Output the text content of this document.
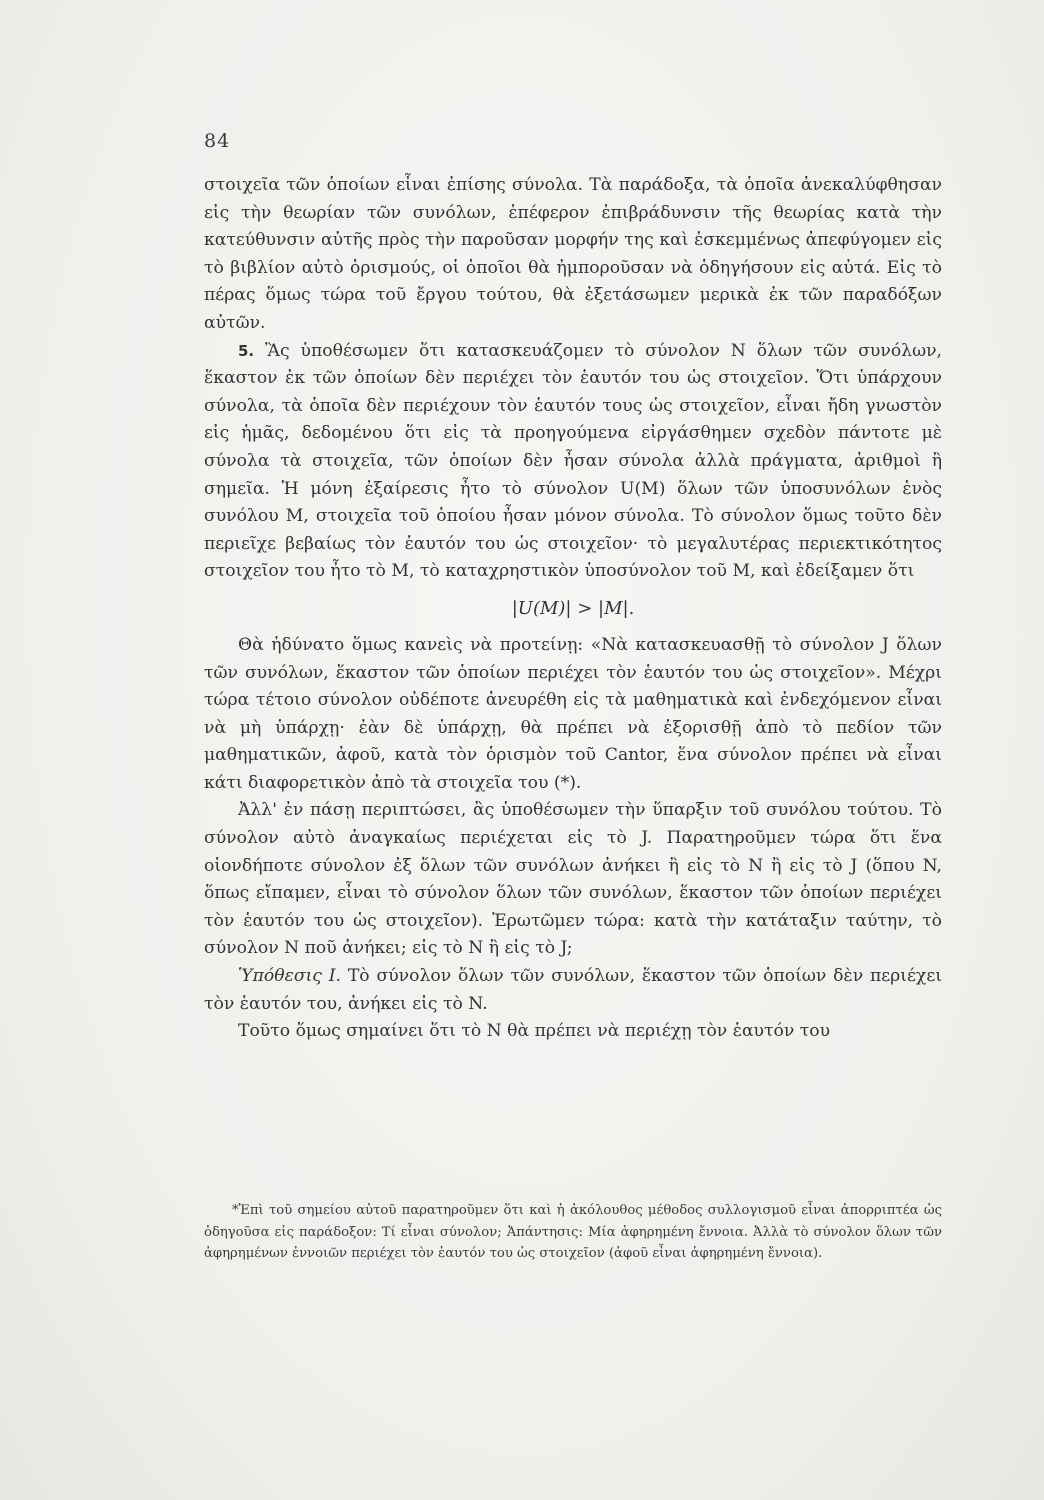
84

στοιχεῖα τῶν ὁποίων εἶναι ἐπίσης σύνολα. Τὰ παράδοξα, τὰ ὁποῖα ἀνεκαλύφθησαν εἰς τὴν θεωρίαν τῶν συνόλων, ἐπέφερον ἐπιβράδυνσιν τῆς θεωρίας κατὰ τὴν κατεύθυνσιν αὐτῆς πρὸς τὴν παροῦσαν μορφήν της καὶ ἐσκεμμένως ἀπεφύγομεν εἰς τὸ βιβλίον αὐτὸ ὁρισμούς, οἱ ὁποῖοι θὰ ἠμποροῦσαν νὰ ὁδηγήσουν εἰς αὐτά. Εἰς τὸ πέρας ὅμως τώρα τοῦ ἔργου τούτου, θὰ ἐξετάσωμεν μερικὰ ἐκ τῶν παραδόξων αὐτῶν.

5. Ἂς ὑποθέσωμεν ὅτι κατασκευάζομεν τὸ σύνολον N ὅλων τῶν συνόλων, ἕκαστον ἐκ τῶν ὁποίων δὲν περιέχει τὸν ἑαυτόν του ὡς στοιχεῖον. Ὅτι ὑπάρχουν σύνολα, τὰ ὁποῖα δὲν περιέχουν τὸν ἑαυτόν τους ὡς στοιχεῖον, εἶναι ἤδη γνωστὸν εἰς ἡμᾶς, δεδομένου ὅτι εἰς τὰ προηγούμενα εἰργάσθημεν σχεδὸν πάντοτε μὲ σύνολα τὰ στοιχεῖα, τῶν ὁποίων δὲν ἦσαν σύνολα ἀλλὰ πράγματα, ἀριθμοὶ ἢ σημεῖα. Ἡ μόνη ἐξαίρεσις ἦτο τὸ σύνολον U(M) ὅλων τῶν ὑποσυνόλων ἑνὸς συνόλου M, στοιχεῖα τοῦ ὁποίου ἦσαν μόνον σύνολα. Τὸ σύνολον ὅμως τοῦτο δὲν περιεῖχε βεβαίως τὸν ἑαυτόν του ὡς στοιχεῖον· τὸ μεγαλυτέρας περιεκτικότητος στοιχεῖον του ἦτο τὸ M, τὸ καταχρηστικὸν ὑποσύνολον τοῦ M, καὶ ἐδείξαμεν ὅτι

|U(M)| > |M|.

Θὰ ἠδύνατο ὅμως κανεὶς νὰ προτείνῃ: «Νὰ κατασκευασθῇ τὸ σύνολον J ὅλων τῶν συνόλων, ἕκαστον τῶν ὁποίων περιέχει τὸν ἑαυτόν του ὡς στοιχεῖον». Μέχρι τώρα τέτοιο σύνολον οὐδέποτε ἀνευρέθη εἰς τὰ μαθηματικὰ καὶ ἐνδεχόμενον εἶναι νὰ μὴ ὑπάρχῃ· ἐὰν δὲ ὑπάρχῃ, θὰ πρέπει νὰ ἐξορισθῇ ἀπὸ τὸ πεδίον τῶν μαθηματικῶν, ἀφοῦ, κατὰ τὸν ὁρισμὸν τοῦ Cantor, ἕνα σύνολον πρέπει νὰ εἶναι κάτι διαφορετικὸν ἀπὸ τὰ στοιχεῖα του (*).

Ἀλλ' ἐν πάσῃ περιπτώσει, ἂς ὑποθέσωμεν τὴν ὕπαρξιν τοῦ συνόλου τούτου. Τὸ σύνολον αὐτὸ ἀναγκαίως περιέχεται εἰς τὸ J. Παρατηροῦμεν τώρα ὅτι ἕνα οἱονδήποτε σύνολον ἐξ ὅλων τῶν συνόλων ἀνήκει ἢ εἰς τὸ N ἢ εἰς τὸ J (ὅπου N, ὅπως εἴπαμεν, εἶναι τὸ σύνολον ὅλων τῶν συνόλων, ἕκαστον τῶν ὁποίων περιέχει τὸν ἑαυτόν του ὡς στοιχεῖον). Ἐρωτῶμεν τώρα: κατὰ τὴν κατάταξιν ταύτην, τὸ σύνολον N ποῦ ἀνήκει; εἰς τὸ N ἢ εἰς τὸ J;

Ὑπόθεσις I. Τὸ σύνολον ὅλων τῶν συνόλων, ἕκαστον τῶν ὁποίων δὲν περιέχει τὸν ἑαυτόν του, ἀνήκει εἰς τὸ N.

Τοῦτο ὅμως σημαίνει ὅτι τὸ N θὰ πρέπει νὰ περιέχῃ τὸν ἑαυτόν του

*Ἐπὶ τοῦ σημείου αὐτοῦ παρατηροῦμεν ὅτι καὶ ἡ ἀκόλουθος μέθοδος συλλογισμοῦ εἶναι ἀπορριπτέα ὡς ὁδηγοῦσα εἰς παράδοξον: Τί εἶναι σύνολον; Ἀπάντησις: Μία ἀφηρημένη ἔννοια. Ἀλλὰ τὸ σύνολον ὅλων τῶν ἀφηρημένων ἐννοιῶν περιέχει τὸν ἑαυτόν του ὡς στοιχεῖον (ἀφοῦ εἶναι ἀφηρημένη ἔννοια).
